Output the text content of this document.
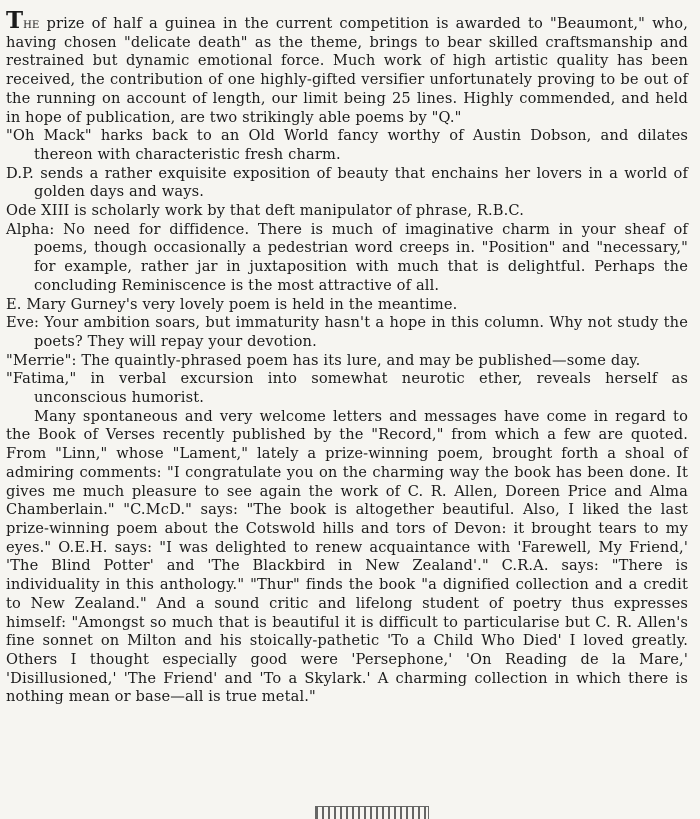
The prize of half a guinea in the current competition is awarded to "Beaumont," who, having chosen "delicate death" as the theme, brings to bear skilled craftsmanship and restrained but dynamic emotional force. Much work of high artistic quality has been received, the contribution of one highly-gifted versifier unfortunately proving to be out of the running on account of length, our limit being 25 lines. Highly commended, and held in hope of publication, are two strikingly able poems by "Q."

"Oh Mack" harks back to an Old World fancy worthy of Austin Dobson, and dilates thereon with characteristic fresh charm.

D.P. sends a rather exquisite exposition of beauty that enchains her lovers in a world of golden days and ways.

Ode XIII is scholarly work by that deft manipulator of phrase, R.B.C.

Alpha: No need for diffidence. There is much of imaginative charm in your sheaf of poems, though occasionally a pedestrian word creeps in. "Position" and "necessary," for example, rather jar in juxtaposition with much that is delightful. Perhaps the concluding Reminiscence is the most attractive of all.

E. Mary Gurney's very lovely poem is held in the meantime.

Eve: Your ambition soars, but immaturity hasn't a hope in this column. Why not study the poets? They will repay your devotion.

"Merrie": The quaintly-phrased poem has its lure, and may be published—some day.

"Fatima," in verbal excursion into somewhat neurotic ether, reveals herself as unconscious humorist.

Many spontaneous and very welcome letters and messages have come in regard to the Book of Verses recently published by the "Record," from which a few are quoted. From "Linn," whose "Lament," lately a prize-winning poem, brought forth a shoal of admiring comments: "I congratulate you on the charming way the book has been done. It gives me much pleasure to see again the work of C. R. Allen, Doreen Price and Alma Chamberlain." "C.McD." says: "The book is altogether beautiful. Also, I liked the last prize-winning poem about the Cotswold hills and tors of Devon: it brought tears to my eyes." O.E.H. says: "I was delighted to renew acquaintance with 'Farewell, My Friend,' 'The Blind Potter' and 'The Blackbird in New Zealand'." C.R.A. says: "There is individuality in this anthology." "Thur" finds the book "a dignified collection and a credit to New Zealand." And a sound critic and lifelong student of poetry thus expresses himself: "Amongst so much that is beautiful it is difficult to particularise but C. R. Allen's fine sonnet on Milton and his stoically-pathetic 'To a Child Who Died' I loved greatly. Others I thought especially good were 'Persephone,' 'On Reading de la Mare,' 'Disillusioned,' 'The Friend' and 'To a Skylark.' A charming collection in which there is nothing mean or base—all is true metal."
